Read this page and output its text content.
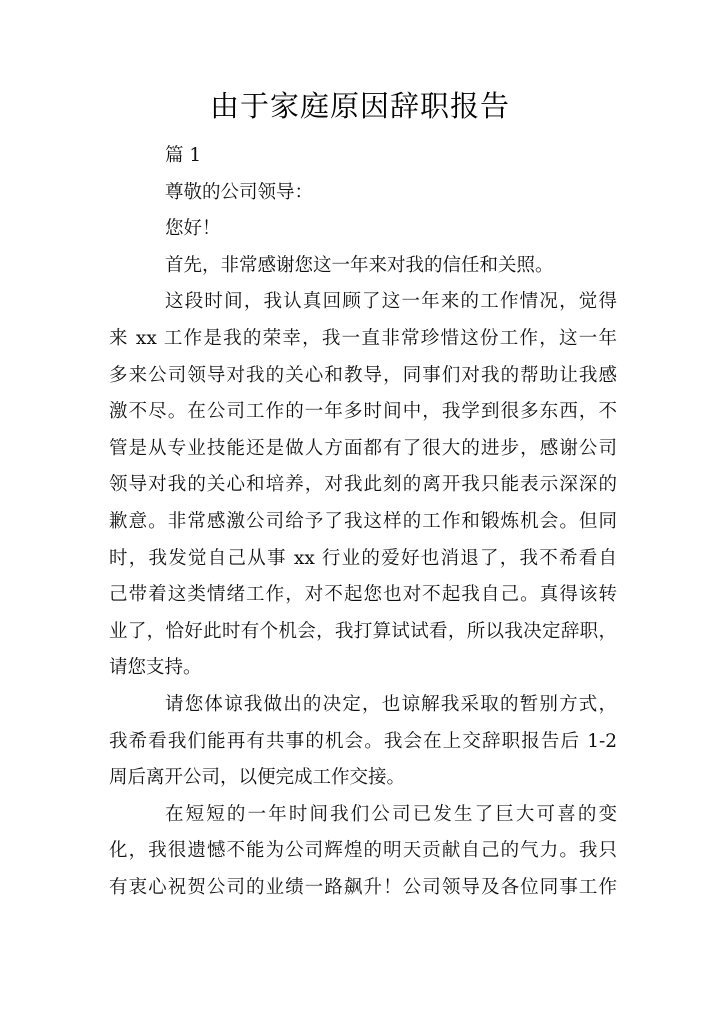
由于家庭原因辞职报告
篇 1
尊敬的公司领导：
您好！
首先，非常感谢您这一年来对我的信任和关照。
这段时间，我认真回顾了这一年来的工作情况，觉得
来 xx 工作是我的荣幸，我一直非常珍惜这份工作，这一年
多来公司领导对我的关心和教导，同事们对我的帮助让我感
激不尽。在公司工作的一年多时间中，我学到很多东西，不
管是从专业技能还是做人方面都有了很大的进步，感谢公司
领导对我的关心和培养，对我此刻的离开我只能表示深深的
歉意。非常感激公司给予了我这样的工作和锻炼机会。但同
时，我发觉自己从事 xx 行业的爱好也消退了，我不希看自
己带着这类情绪工作，对不起您也对不起我自己。真得该转
业了，恰好此时有个机会，我打算试试看，所以我决定辞职，
请您支持。
请您体谅我做出的决定，也谅解我采取的暂别方式，
我希看我们能再有共事的机会。我会在上交辞职报告后 1-2
周后离开公司，以便完成工作交接。
在短短的一年时间我们公司已发生了巨大可喜的变
化，我很遗憾不能为公司辉煌的明天贡献自己的气力。我只
有衷心祝贺公司的业绩一路飙升！公司领导及各位同事工作
